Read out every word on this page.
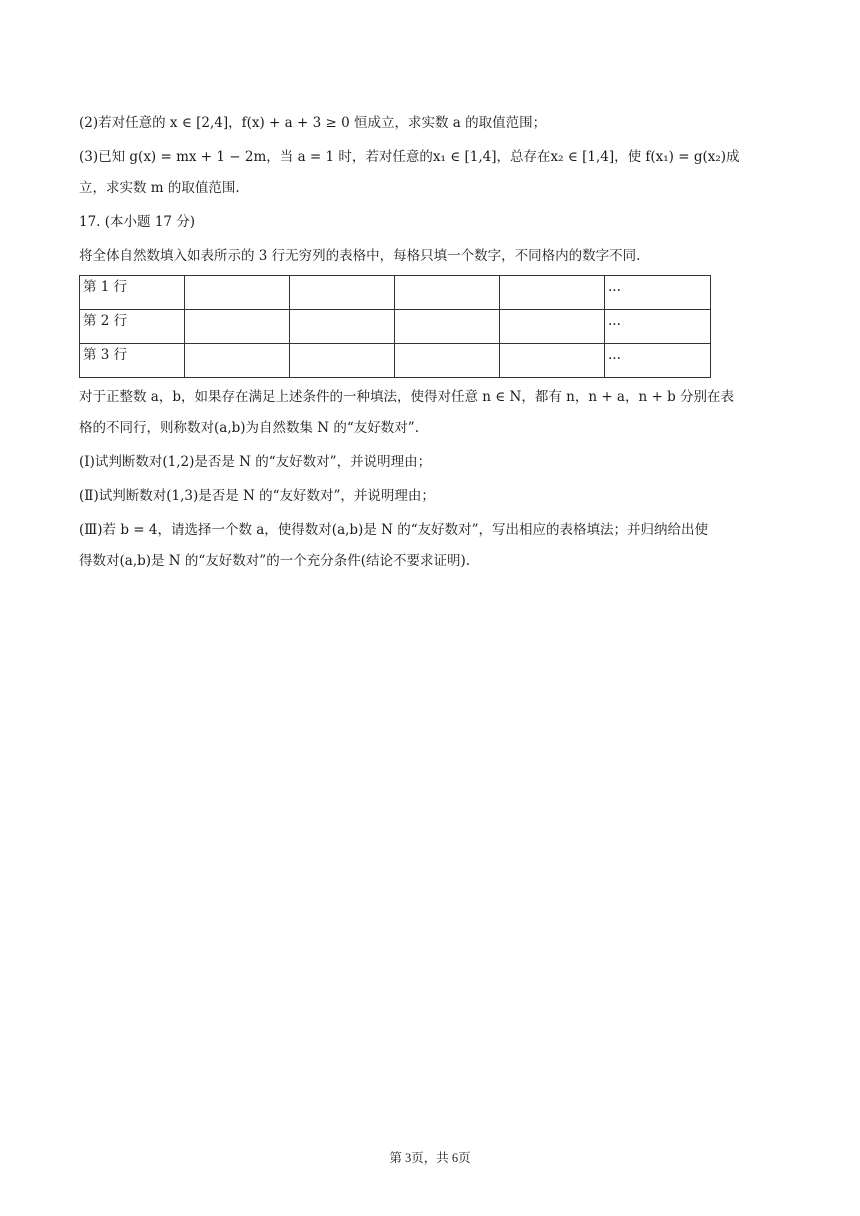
(2)若对任意的 x ∈ [2,4]，f(x) + a + 3 ≥ 0 恒成立，求实数 a 的取值范围；

(3)已知 g(x) = mx + 1 − 2m，当 a = 1 时，若对任意的x₁ ∈ [1,4]，总存在x₂ ∈ [1,4]，使 f(x₁) = g(x₂)成

立，求实数 m 的取值范围.

17. (本小题 17 分)

将全体自然数填入如表所示的 3 行无穷列的表格中，每格只填一个数字，不同格内的数字不同.

第 1 行					...
第 2 行					...
第 3 行					...

对于正整数 a，b，如果存在满足上述条件的一种填法，使得对任意 n ∈ N，都有 n，n + a，n + b 分别在表

格的不同行，则称数对(a,b)为自然数集 N 的“友好数对”.

(Ⅰ)试判断数对(1,2)是否是 N 的“友好数对”，并说明理由；

(Ⅱ)试判断数对(1,3)是否是 N 的“友好数对”，并说明理由；

(Ⅲ)若 b = 4，请选择一个数 a，使得数对(a,b)是 N 的“友好数对”，写出相应的表格填法；并归纳给出使

得数对(a,b)是 N 的“友好数对”的一个充分条件(结论不要求证明).

第 3页，共 6页
